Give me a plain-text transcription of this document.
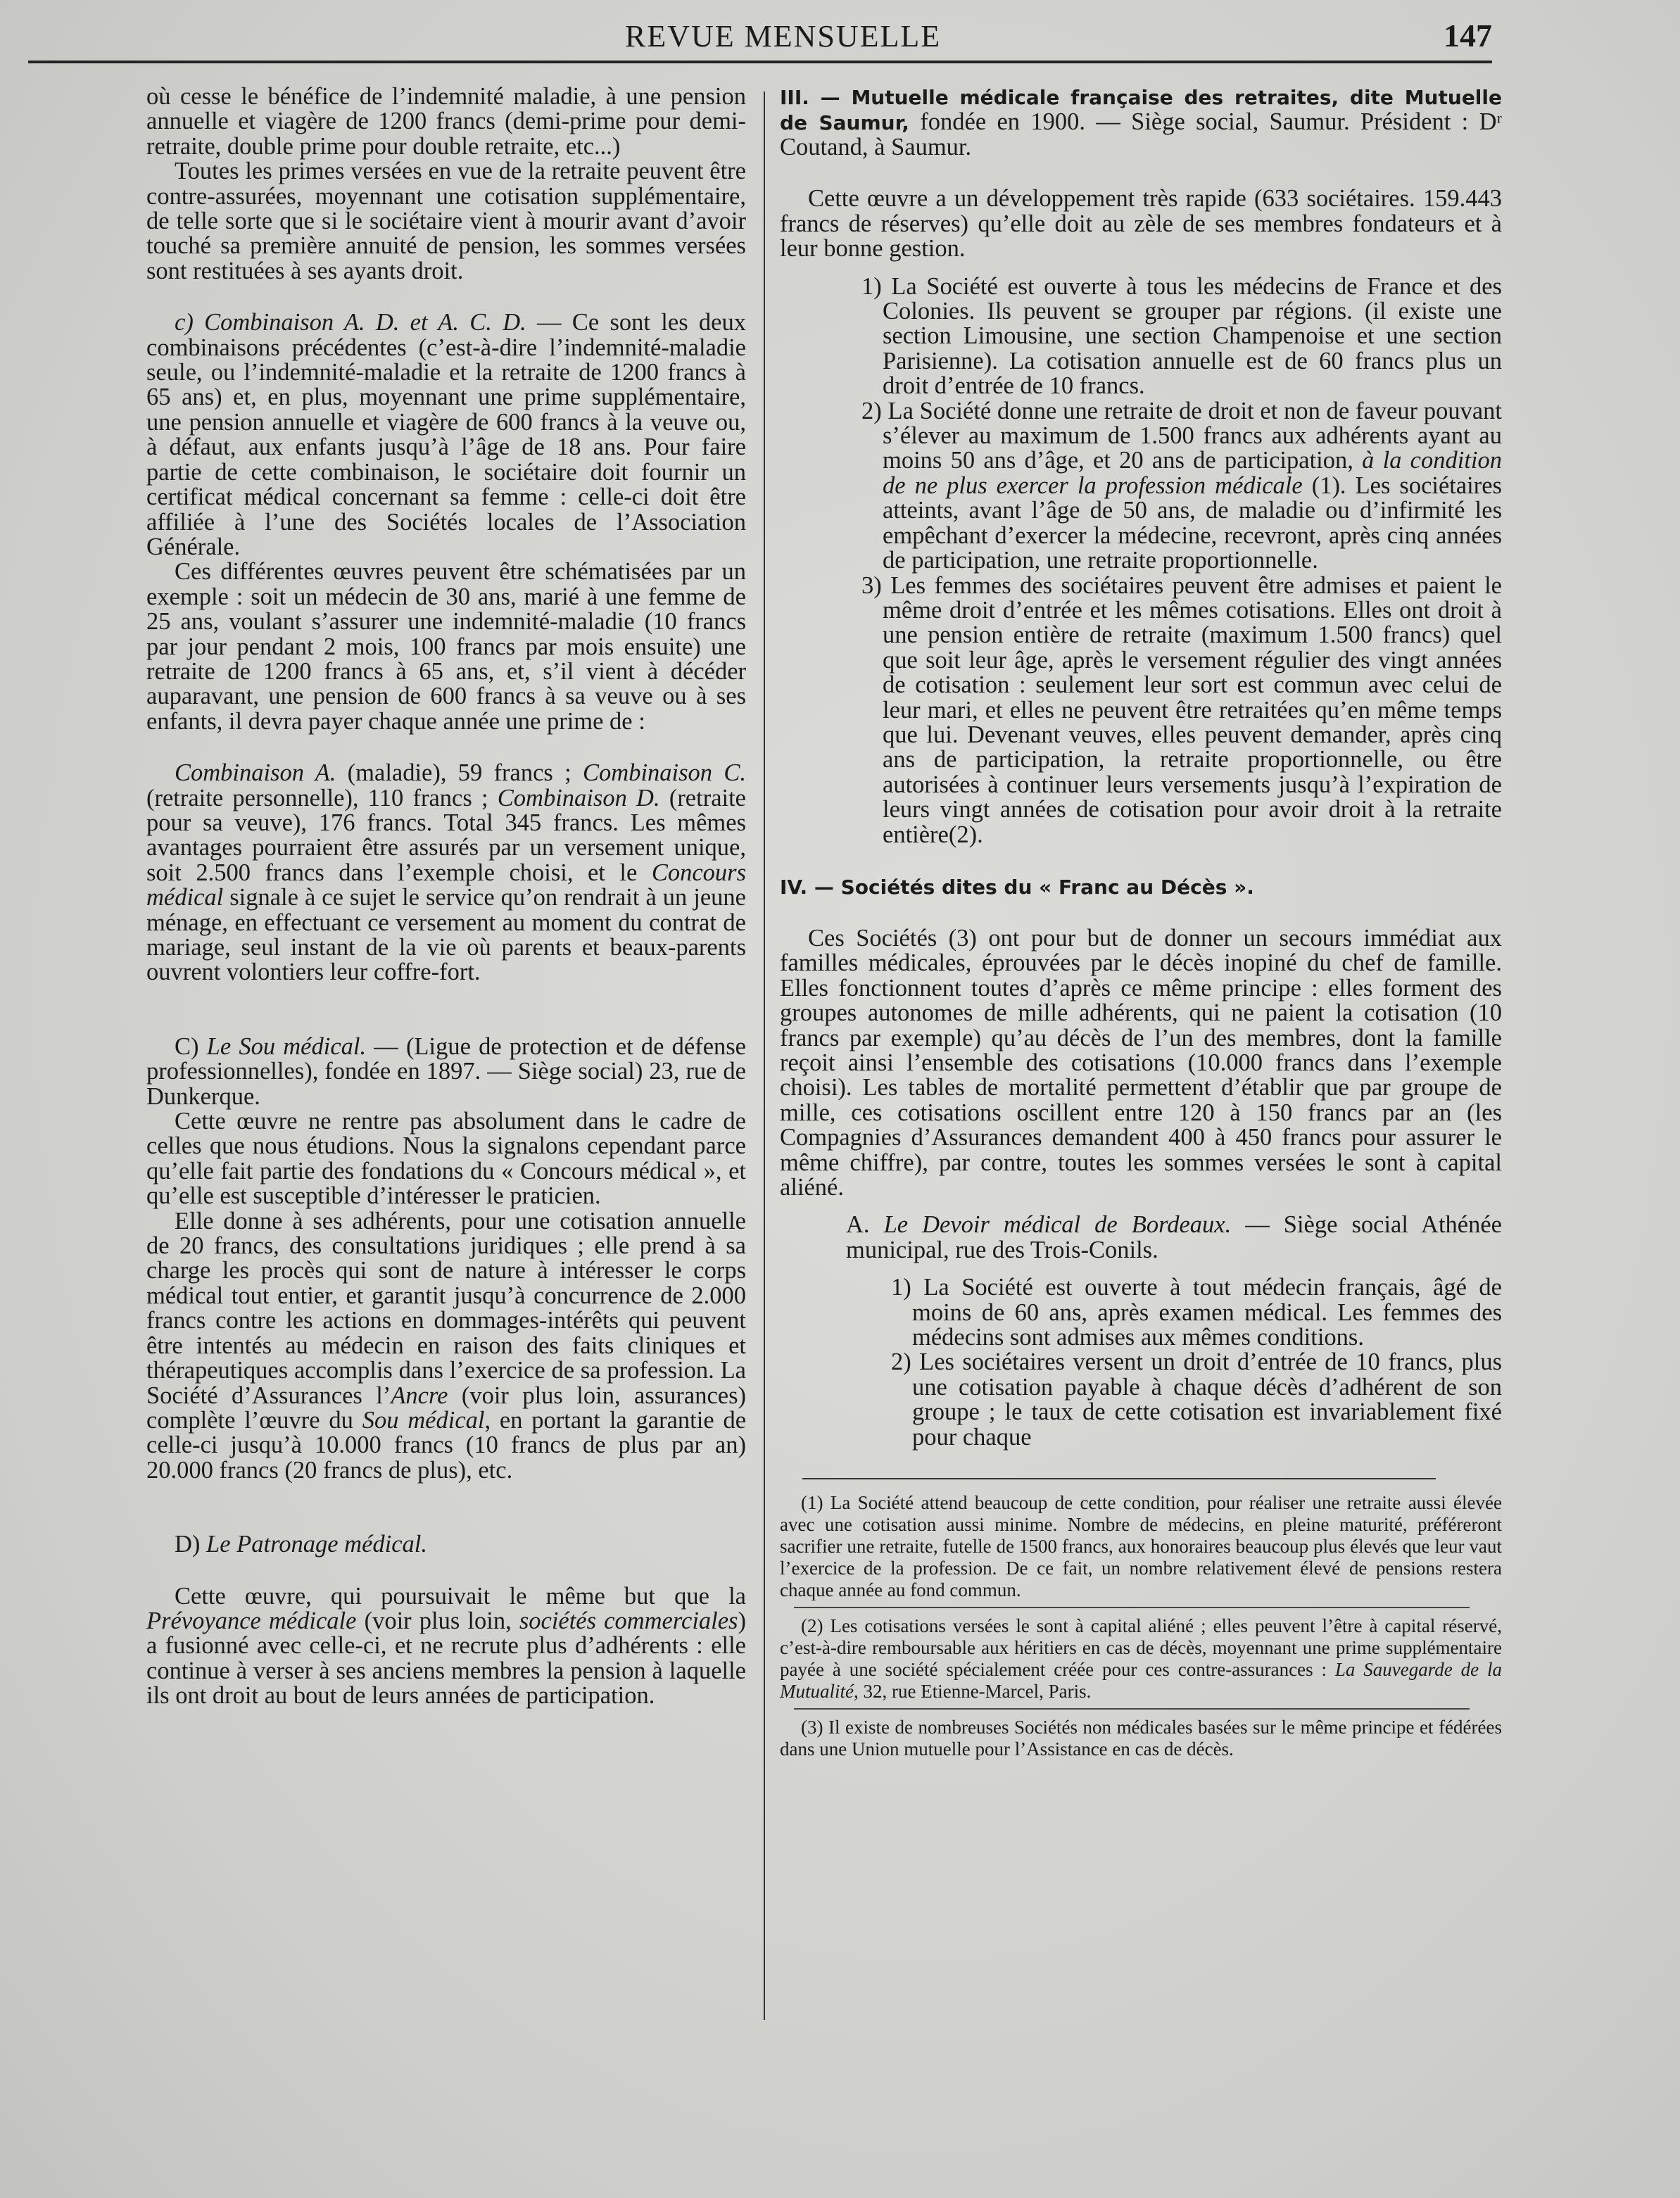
REVUE MENSUELLE	147

où cesse le bénéfice de l’indemnité maladie, à une pension annuelle et viagère de 1200 francs (demi-prime pour demi-retraite, double prime pour double retraite, etc...)

Toutes les primes versées en vue de la retraite peuvent être contre-assurées, moyennant une cotisation supplémentaire, de telle sorte que si le sociétaire vient à mourir avant d’avoir touché sa première annuité de pension, les sommes versées sont restituées à ses ayants droit.

c) Combinaison A. D. et A. C. D. — Ce sont les deux combinaisons précédentes (c’est-à-dire l’indemnité-maladie seule, ou l’indemnité-maladie et la retraite de 1200 francs à 65 ans) et, en plus, moyennant une prime supplémentaire, une pension annuelle et viagère de 600 francs à la veuve ou, à défaut, aux enfants jusqu’à l’âge de 18 ans. Pour faire partie de cette combinaison, le sociétaire doit fournir un certificat médical concernant sa femme : celle-ci doit être affiliée à l’une des Sociétés locales de l’Association Générale.

Ces différentes œuvres peuvent être schématisées par un exemple : soit un médecin de 30 ans, marié à une femme de 25 ans, voulant s’assurer une indemnité-maladie (10 francs par jour pendant 2 mois, 100 francs par mois ensuite) une retraite de 1200 francs à 65 ans, et, s’il vient à décéder auparavant, une pension de 600 francs à sa veuve ou à ses enfants, il devra payer chaque année une prime de :

Combinaison A. (maladie), 59 francs ; Combinaison C. (retraite personnelle), 110 francs ; Combinaison D. (retraite pour sa veuve), 176 francs. Total 345 francs. Les mêmes avantages pourraient être assurés par un versement unique, soit 2.500 francs dans l’exemple choisi, et le Concours médical signale à ce sujet le service qu’on rendrait à un jeune ménage, en effectuant ce versement au moment du contrat de mariage, seul instant de la vie où parents et beaux-parents ouvrent volontiers leur coffre-fort.

C) Le Sou médical. — (Ligue de protection et de défense professionnelles), fondée en 1897. — Siège social) 23, rue de Dunkerque.

Cette œuvre ne rentre pas absolument dans le cadre de celles que nous étudions. Nous la signalons cependant parce qu’elle fait partie des fondations du « Concours médical », et qu’elle est susceptible d’intéresser le praticien.

Elle donne à ses adhérents, pour une cotisation annuelle de 20 francs, des consultations juridiques ; elle prend à sa charge les procès qui sont de nature à intéresser le corps médical tout entier, et garantit jusqu’à concurrence de 2.000 francs contre les actions en dommages-intérêts qui peuvent être intentés au médecin en raison des faits cliniques et thérapeutiques accomplis dans l’exercice de sa profession. La Société d’Assurances l’Ancre (voir plus loin, assurances) complète l’œuvre du Sou médical, en portant la garantie de celle-ci jusqu’à 10.000 francs (10 francs de plus par an) 20.000 francs (20 francs de plus), etc.

D) Le Patronage médical.

Cette œuvre, qui poursuivait le même but que la Prévoyance médicale (voir plus loin, sociétés commerciales) a fusionné avec celle-ci, et ne recrute plus d’adhérents : elle continue à verser à ses anciens membres la pension à laquelle ils ont droit au bout de leurs années de participation.

III. — Mutuelle médicale française des retraites, dite Mutuelle de Saumur, fondée en 1900. — Siège social, Saumur. Président : Dʳ Coutand, à Saumur.

Cette œuvre a un développement très rapide (633 sociétaires. 159.443 francs de réserves) qu’elle doit au zèle de ses membres fondateurs et à leur bonne gestion.

1) La Société est ouverte à tous les médecins de France et des Colonies. Ils peuvent se grouper par régions. (il existe une section Limousine, une section Champenoise et une section Parisienne). La cotisation annuelle est de 60 francs plus un droit d’entrée de 10 francs.

2) La Société donne une retraite de droit et non de faveur pouvant s’élever au maximum de 1.500 francs aux adhérents ayant au moins 50 ans d’âge, et 20 ans de participation, à la condition de ne plus exercer la profession médicale (1). Les sociétaires atteints, avant l’âge de 50 ans, de maladie ou d’infirmité les empêchant d’exercer la médecine, recevront, après cinq années de participation, une retraite proportionnelle.

3) Les femmes des sociétaires peuvent être admises et paient le même droit d’entrée et les mêmes cotisations. Elles ont droit à une pension entière de retraite (maximum 1.500 francs) quel que soit leur âge, après le versement régulier des vingt années de cotisation : seulement leur sort est commun avec celui de leur mari, et elles ne peuvent être retraitées qu’en même temps que lui. Devenant veuves, elles peuvent demander, après cinq ans de participation, la retraite proportionnelle, ou être autorisées à continuer leurs versements jusqu’à l’expiration de leurs vingt années de cotisation pour avoir droit à la retraite entière(2).

IV. — Sociétés dites du « Franc au Décès ».

Ces Sociétés (3) ont pour but de donner un secours immédiat aux familles médicales, éprouvées par le décès inopiné du chef de famille. Elles fonctionnent toutes d’après ce même principe : elles forment des groupes autonomes de mille adhérents, qui ne paient la cotisation (10 francs par exemple) qu’au décès de l’un des membres, dont la famille reçoit ainsi l’ensemble des cotisations (10.000 francs dans l’exemple choisi). Les tables de mortalité permettent d’établir que par groupe de mille, ces cotisations oscillent entre 120 à 150 francs par an (les Compagnies d’Assurances demandent 400 à 450 francs pour assurer le même chiffre), par contre, toutes les sommes versées le sont à capital aliéné.

A. Le Devoir médical de Bordeaux. — Siège social Athénée municipal, rue des Trois-Conils.

1) La Société est ouverte à tout médecin français, âgé de moins de 60 ans, après examen médical. Les femmes des médecins sont admises aux mêmes conditions.

2) Les sociétaires versent un droit d’entrée de 10 francs, plus une cotisation payable à chaque décès d’adhérent de son groupe ; le taux de cette cotisation est invariablement fixé pour chaque

(1) La Société attend beaucoup de cette condition, pour réaliser une retraite aussi élevée avec une cotisation aussi minime. Nombre de médecins, en pleine maturité, préféreront sacrifier une retraite, futelle de 1500 francs, aux honoraires beaucoup plus élevés que leur vaut l’exercice de la profession. De ce fait, un nombre relativement élevé de pensions restera chaque année au fond commun.

(2) Les cotisations versées le sont à capital aliéné ; elles peuvent l’être à capital réservé, c’est-à-dire remboursable aux héritiers en cas de décès, moyennant une prime supplémentaire payée à une société spécialement créée pour ces contre-assurances : La Sauvegarde de la Mutualité, 32, rue Etienne-Marcel, Paris.

(3) Il existe de nombreuses Sociétés non médicales basées sur le même principe et fédérées dans une Union mutuelle pour l’Assistance en cas de décès.
